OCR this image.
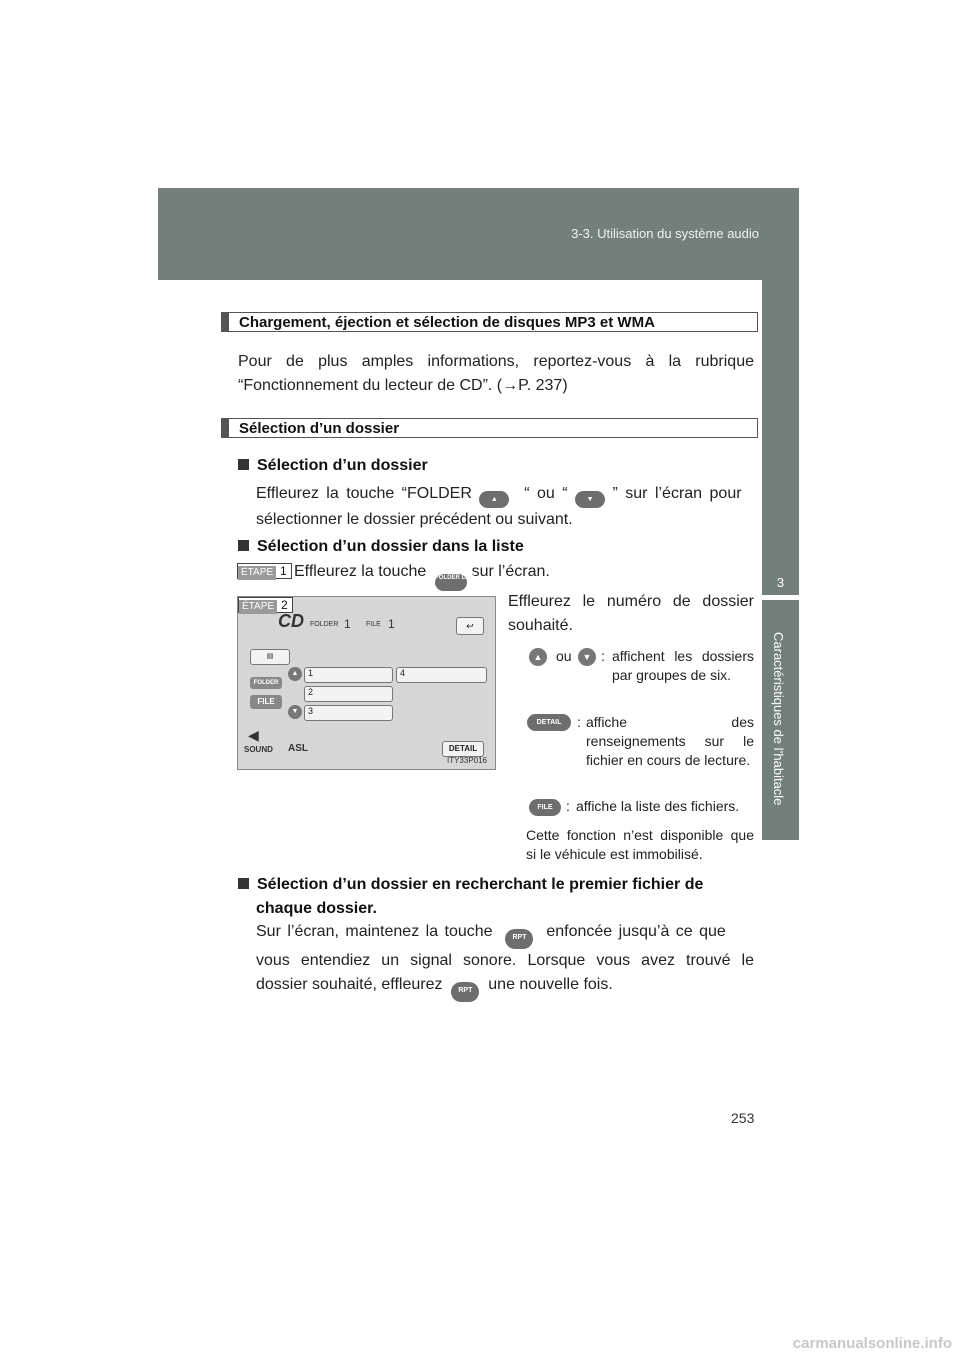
3-3. Utilisation du système audio
3
Caractéristiques de l’habitacle
Chargement, éjection et sélection de disques MP3 et WMA
Pour de plus amples informations, reportez-vous à la rubrique
“Fonctionnement du lecteur de CD”. (→P. 237)
Sélection d’un dossier
Sélection d’un dossier
Effleurez la touche “FOLDER	▲ “ ou “	▼ ” sur l’écran pour
sélectionner le dossier précédent ou suivant.
Sélection d’un dossier dans la liste
ÉTAPE 1 Effleurez la touche FOLDER LIST sur l’écran.
ÉTAPE 2
CD FOLDER 1 FILE 1	↩
▤
▲
▼
1
2
3
4
FOLDER
FILE
◀
SOUND ASL	DETAIL
ITY33P016
Effleurez le numéro de dossier
souhaité.
▲ ou	▼ : affichent les dossiers par groupes de six.
DETAIL	: affiche des renseignements sur le fichier en cours de lecture.
FILE : affiche la liste des fichiers.
Cette fonction n’est disponible que si le véhicule est immobilisé.
Sélection d’un dossier en recherchant le premier fichier de
chaque dossier.
Sur l’écran, maintenez la touche	RPT enfoncée jusqu’à ce que
vous entendiez un signal sonore. Lorsque vous avez trouvé le
dossier souhaité, effleurez RPT une nouvelle fois.
253
carmanualsonline.info
